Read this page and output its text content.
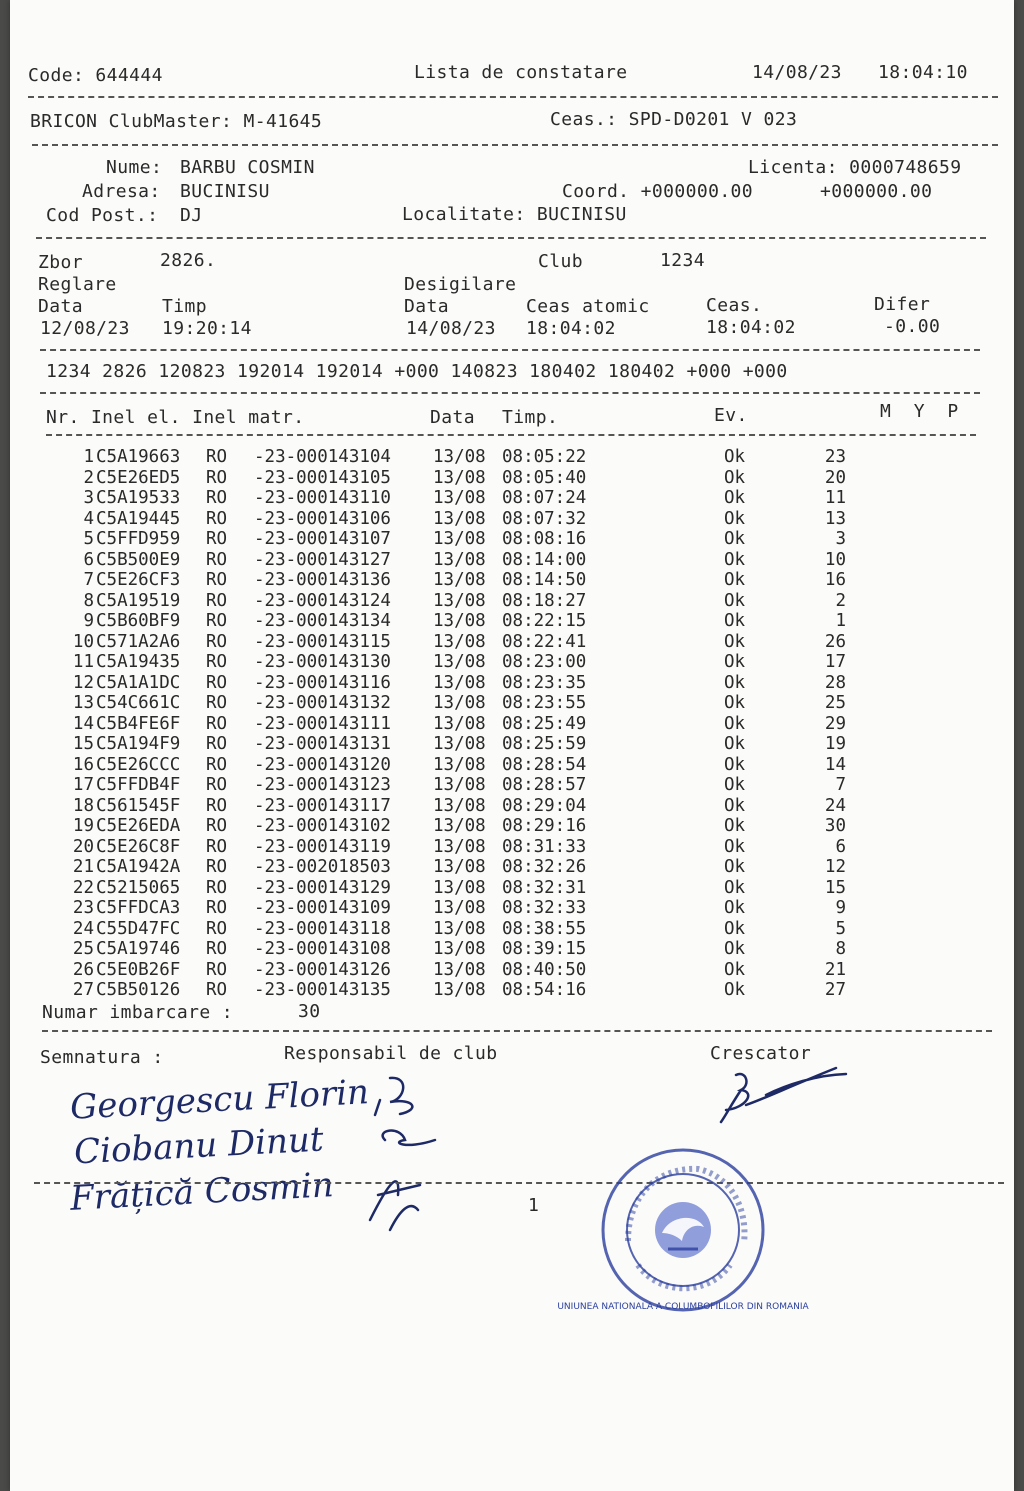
Code: 644444	Lista de constatare	14/08/23 18:04:10
BRICON ClubMaster: M-41645	Ceas.: SPD-D0201 V 023
Nume: BARBU COSMIN	Licenta: 0000748659
Adresa: BUCINISU	Coord. +000000.00	+000000.00
Cod Post.: DJ	Localitate: BUCINISU
Zbor	2826.	Club	1234
Reglare	Desigilare
Data	Timp	Data	Ceas atomic	Ceas.	Difer
12/08/23 19:20:14	14/08/23 18:04:02	18:04:02	-0.00
1234 2826 120823 192014 192014 +000 140823 180402 180402 +000 +000
Nr. Inel el. Inel matr.	Data Timp.	Ev.	M  Y  P
1 C5A19663 RO -23-000143104 13/08 08:05:22	Ok	23
2 C5E26ED5 RO -23-000143105 13/08 08:05:40	Ok	20
3 C5A19533 RO -23-000143110 13/08 08:07:24	Ok	11
4 C5A19445 RO -23-000143106 13/08 08:07:32	Ok	13
5 C5FFD959 RO -23-000143107 13/08 08:08:16	Ok	3
6 C5B500E9 RO -23-000143127 13/08 08:14:00	Ok	10
7 C5E26CF3 RO -23-000143136 13/08 08:14:50	Ok	16
8 C5A19519 RO -23-000143124 13/08 08:18:27	Ok	2
9 C5B60BF9 RO -23-000143134 13/08 08:22:15	Ok	1
10 C571A2A6 RO -23-000143115 13/08 08:22:41	Ok	26
11 C5A19435 RO -23-000143130 13/08 08:23:00	Ok	17
12 C5A1A1DC RO -23-000143116 13/08 08:23:35	Ok	28
13 C54C661C RO -23-000143132 13/08 08:23:55	Ok	25
14 C5B4FE6F RO -23-000143111 13/08 08:25:49	Ok	29
15 C5A194F9 RO -23-000143131 13/08 08:25:59	Ok	19
16 C5E26CCC RO -23-000143120 13/08 08:28:54	Ok	14
17 C5FFDB4F RO -23-000143123 13/08 08:28:57	Ok	7
18 C561545F RO -23-000143117 13/08 08:29:04	Ok	24
19 C5E26EDA RO -23-000143102 13/08 08:29:16	Ok	30
20 C5E26C8F RO -23-000143119 13/08 08:31:33	Ok	6
21 C5A1942A RO -23-002018503 13/08 08:32:26	Ok	12
22 C5215065 RO -23-000143129 13/08 08:32:31	Ok	15
23 C5FFDCA3 RO -23-000143109 13/08 08:32:33	Ok	9
24 C55D47FC RO -23-000143118 13/08 08:38:55	Ok	5
25 C5A19746 RO -23-000143108 13/08 08:39:15	Ok	8
26 C5E0B26F RO -23-000143126 13/08 08:40:50	Ok	21
27 C5B50126 RO -23-000143135 13/08 08:54:16	Ok	27
Numar imbarcare :	30
Semnatura :	Responsabil de club	Crescator
Georgescu Florin
Ciobanu Dinut
Frățică Cosmin	1
UNIUNEA NATIONALA A COLUMBOFILILOR DIN ROMANIA
